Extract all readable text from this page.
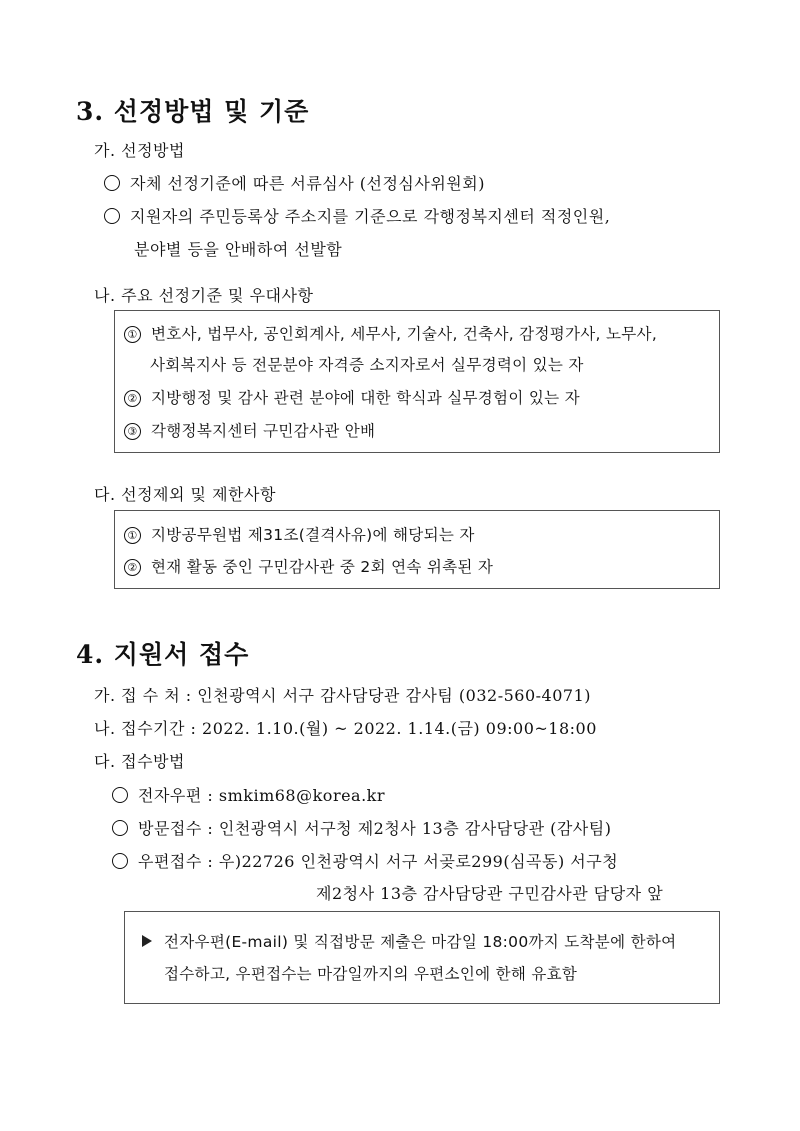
3. 선정방법 및 기준
가. 선정방법
자체 선정기준에 따른 서류심사 (선정심사위원회)
지원자의 주민등록상 주소지를 기준으로 각행정복지센터 적정인원,
분야별 등을 안배하여 선발함
나. 주요 선정기준 및 우대사항
① 변호사, 법무사, 공인회계사, 세무사, 기술사, 건축사, 감정평가사, 노무사,
사회복지사 등 전문분야 자격증 소지자로서 실무경력이 있는 자
② 지방행정 및 감사 관련 분야에 대한 학식과 실무경험이 있는 자
③ 각행정복지센터 구민감사관 안배
다. 선정제외 및 제한사항
① 지방공무원법 제31조(결격사유)에 해당되는 자
② 현재 활동 중인 구민감사관 중 2회 연속 위촉된 자
4. 지원서 접수
가. 접 수 처 : 인천광역시 서구 감사담당관 감사팀 (032-560-4071)
나. 접수기간 : 2022. 1.10.(월) ~ 2022. 1.14.(금) 09:00~18:00
다. 접수방법
전자우편 : smkim68@korea.kr
방문접수 : 인천광역시 서구청 제2청사 13층 감사담당관 (감사팀)
우편접수 : 우)22726 인천광역시 서구 서곶로299(심곡동) 서구청
제2청사 13층 감사담당관 구민감사관 담당자 앞
전자우편(E-mail) 및 직접방문 제출은 마감일 18:00까지 도착분에 한하여
접수하고, 우편접수는 마감일까지의 우편소인에 한해 유효함
